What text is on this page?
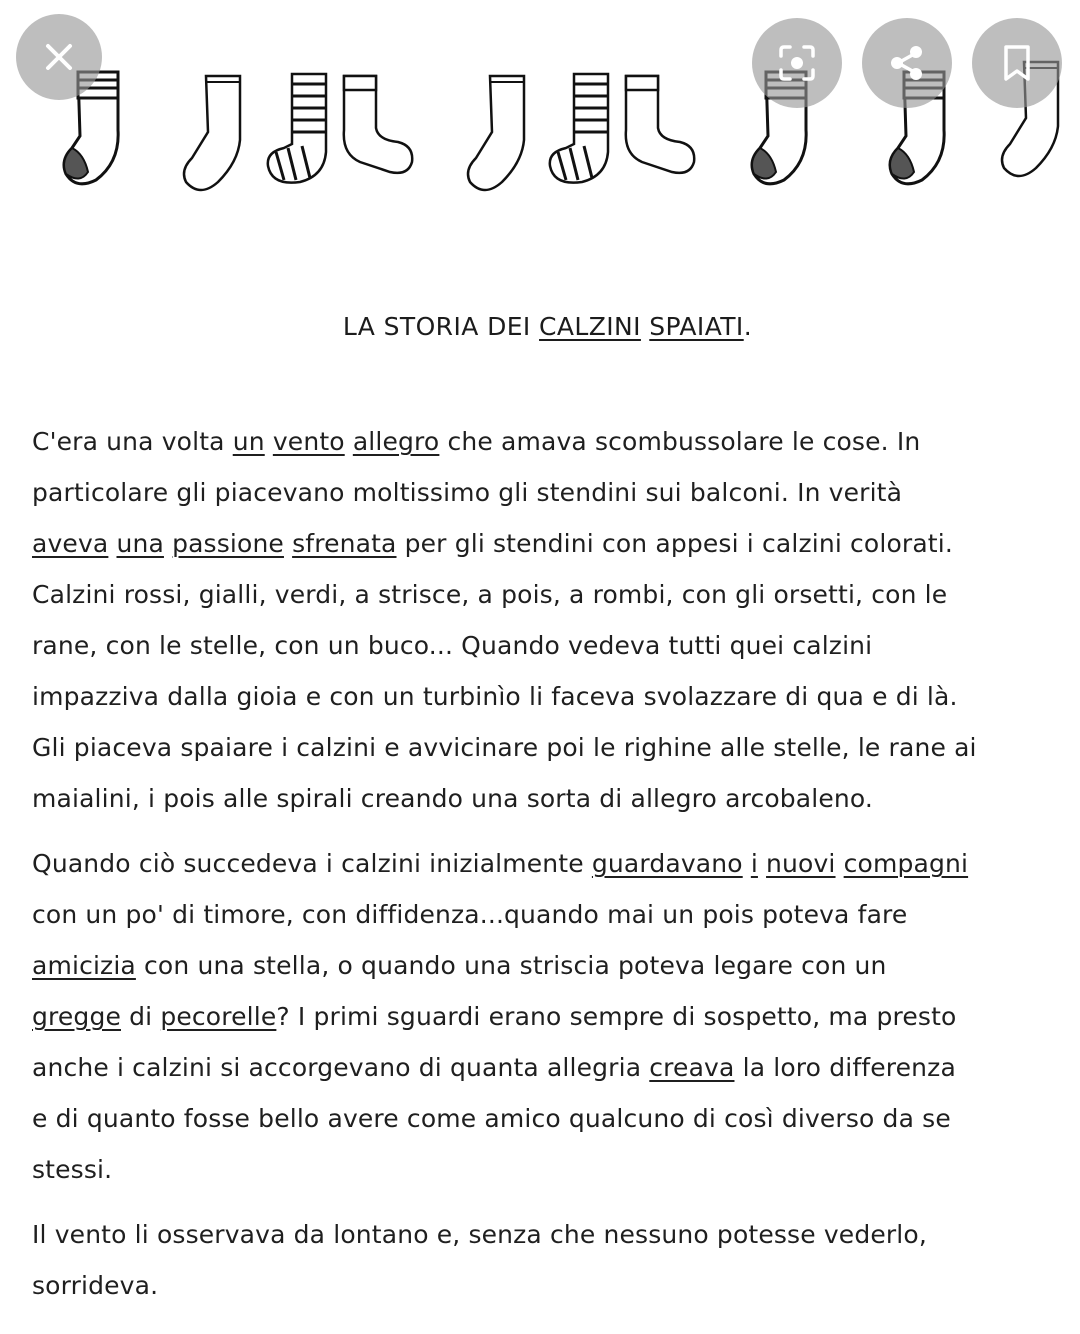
LA STORIA DEI CALZINI SPAIATI.
C'era una volta un vento allegro che amava scombussolare le cose. In
particolare gli piacevano moltissimo gli stendini sui balconi. In verità
aveva una passione sfrenata per gli stendini con appesi i calzini colorati.
Calzini rossi, gialli, verdi, a strisce, a pois, a rombi, con gli orsetti, con le
rane, con le stelle, con un buco... Quando vedeva tutti quei calzini
impazziva dalla gioia e con un turbinìo li faceva svolazzare di qua e di là.
Gli piaceva spaiare i calzini e avvicinare poi le righine alle stelle, le rane ai
maialini, i pois alle spirali creando una sorta di allegro arcobaleno.
Quando ciò succedeva i calzini inizialmente guardavano i nuovi compagni
con un po' di timore, con diffidenza...quando mai un pois poteva fare
amicizia con una stella, o quando una striscia poteva legare con un
gregge di pecorelle? I primi sguardi erano sempre di sospetto, ma presto
anche i calzini si accorgevano di quanta allegria creava la loro differenza
e di quanto fosse bello avere come amico qualcuno di così diverso da se
stessi.
Il vento li osservava da lontano e, senza che nessuno potesse vederlo,
sorrideva.
